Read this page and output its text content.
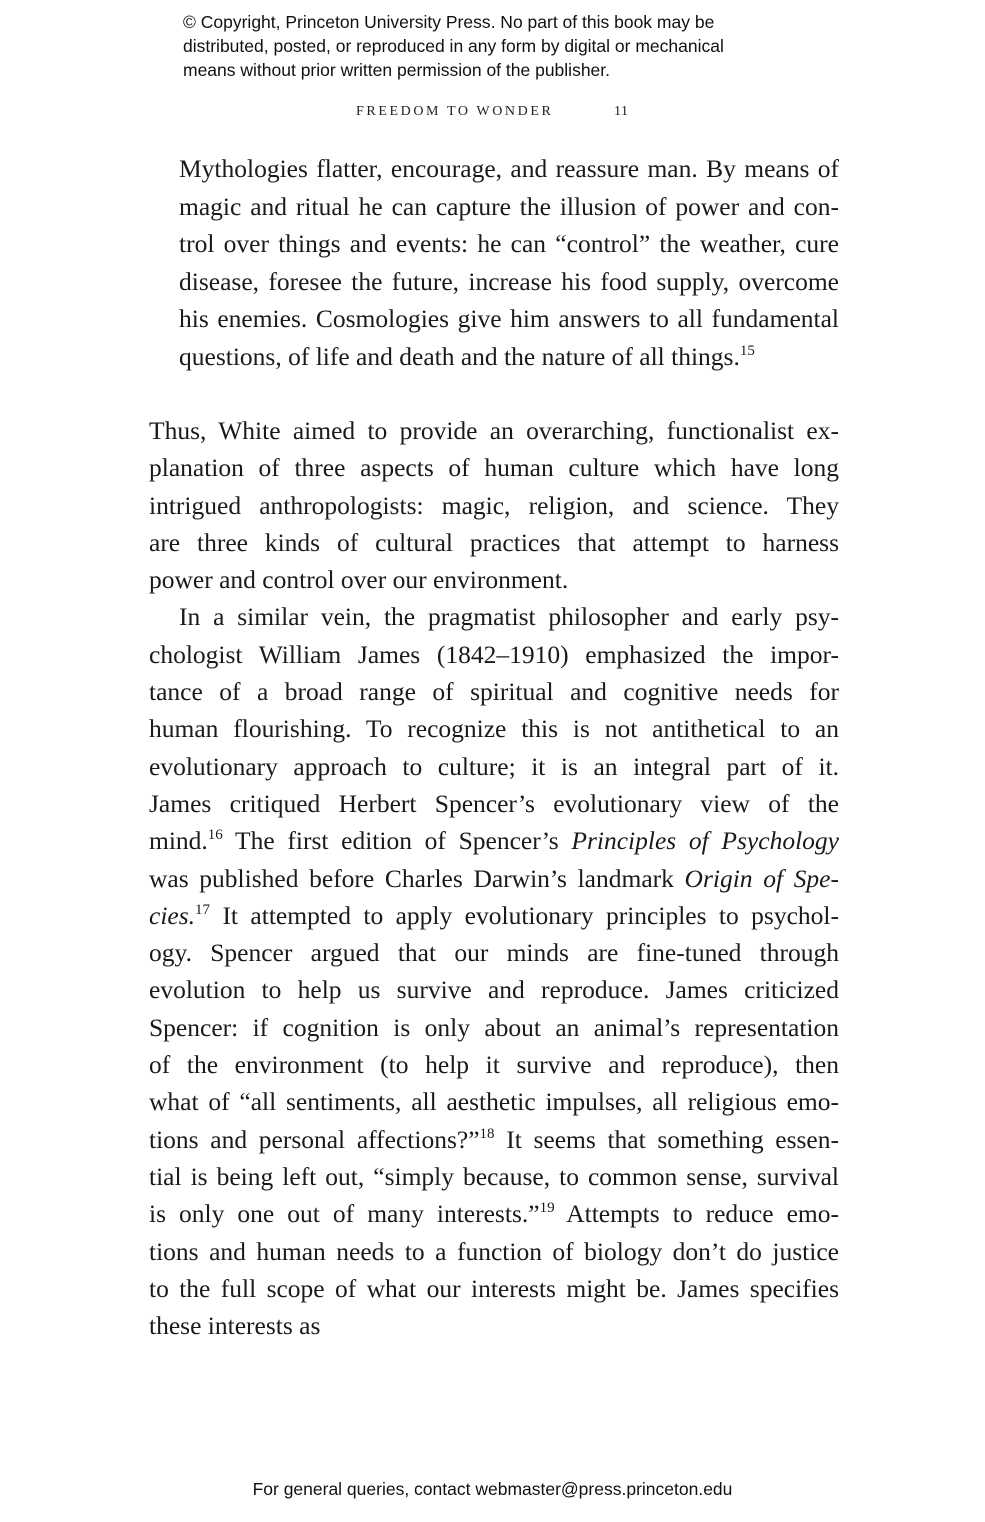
© Copyright, Princeton University Press. No part of this book may be
distributed, posted, or reproduced in any form by digital or mechanical
means without prior written permission of the publisher.
FREEDOM TO WONDER	11
Mythologies flatter, encourage, and reassure man. By means of
magic and ritual he can capture the illusion of power and con-
trol over things and events: he can “control” the weather, cure
disease, foresee the future, increase his food supply, overcome
his enemies. Cosmologies give him answers to all fundamental
questions, of life and death and the nature of all things.$^{15}$
Thus, White aimed to provide an overarching, functionalist ex-
planation of three aspects of human culture which have long
intrigued anthropologists: magic, religion, and science. They
are three kinds of cultural practices that attempt to harness
power and control over our environment.
In a similar vein, the pragmatist philosopher and early psy-
chologist William James (1842–1910) emphasized the impor-
tance of a broad range of spiritual and cognitive needs for
human flourishing. To recognize this is not antithetical to an
evolutionary approach to culture; it is an integral part of it.
James critiqued Herbert Spencer’s evolutionary view of the
mind.$^{16}$ The first edition of Spencer’s Principles of Psychology
was published before Charles Darwin’s landmark Origin of Spe-
cies.$^{17}$ It attempted to apply evolutionary principles to psychol-
ogy. Spencer argued that our minds are fine-tuned through
evolution to help us survive and reproduce. James criticized
Spencer: if cognition is only about an animal’s representation
of the environment (to help it survive and reproduce), then
what of “all sentiments, all aesthetic impulses, all religious emo-
tions and personal affections?”$^{18}$ It seems that something essen-
tial is being left out, “simply because, to common sense, survival
is only one out of many interests.”$^{19}$ Attempts to reduce emo-
tions and human needs to a function of biology don’t do justice
to the full scope of what our interests might be. James specifies
these interests as
For general queries, contact webmaster@press.princeton.edu
